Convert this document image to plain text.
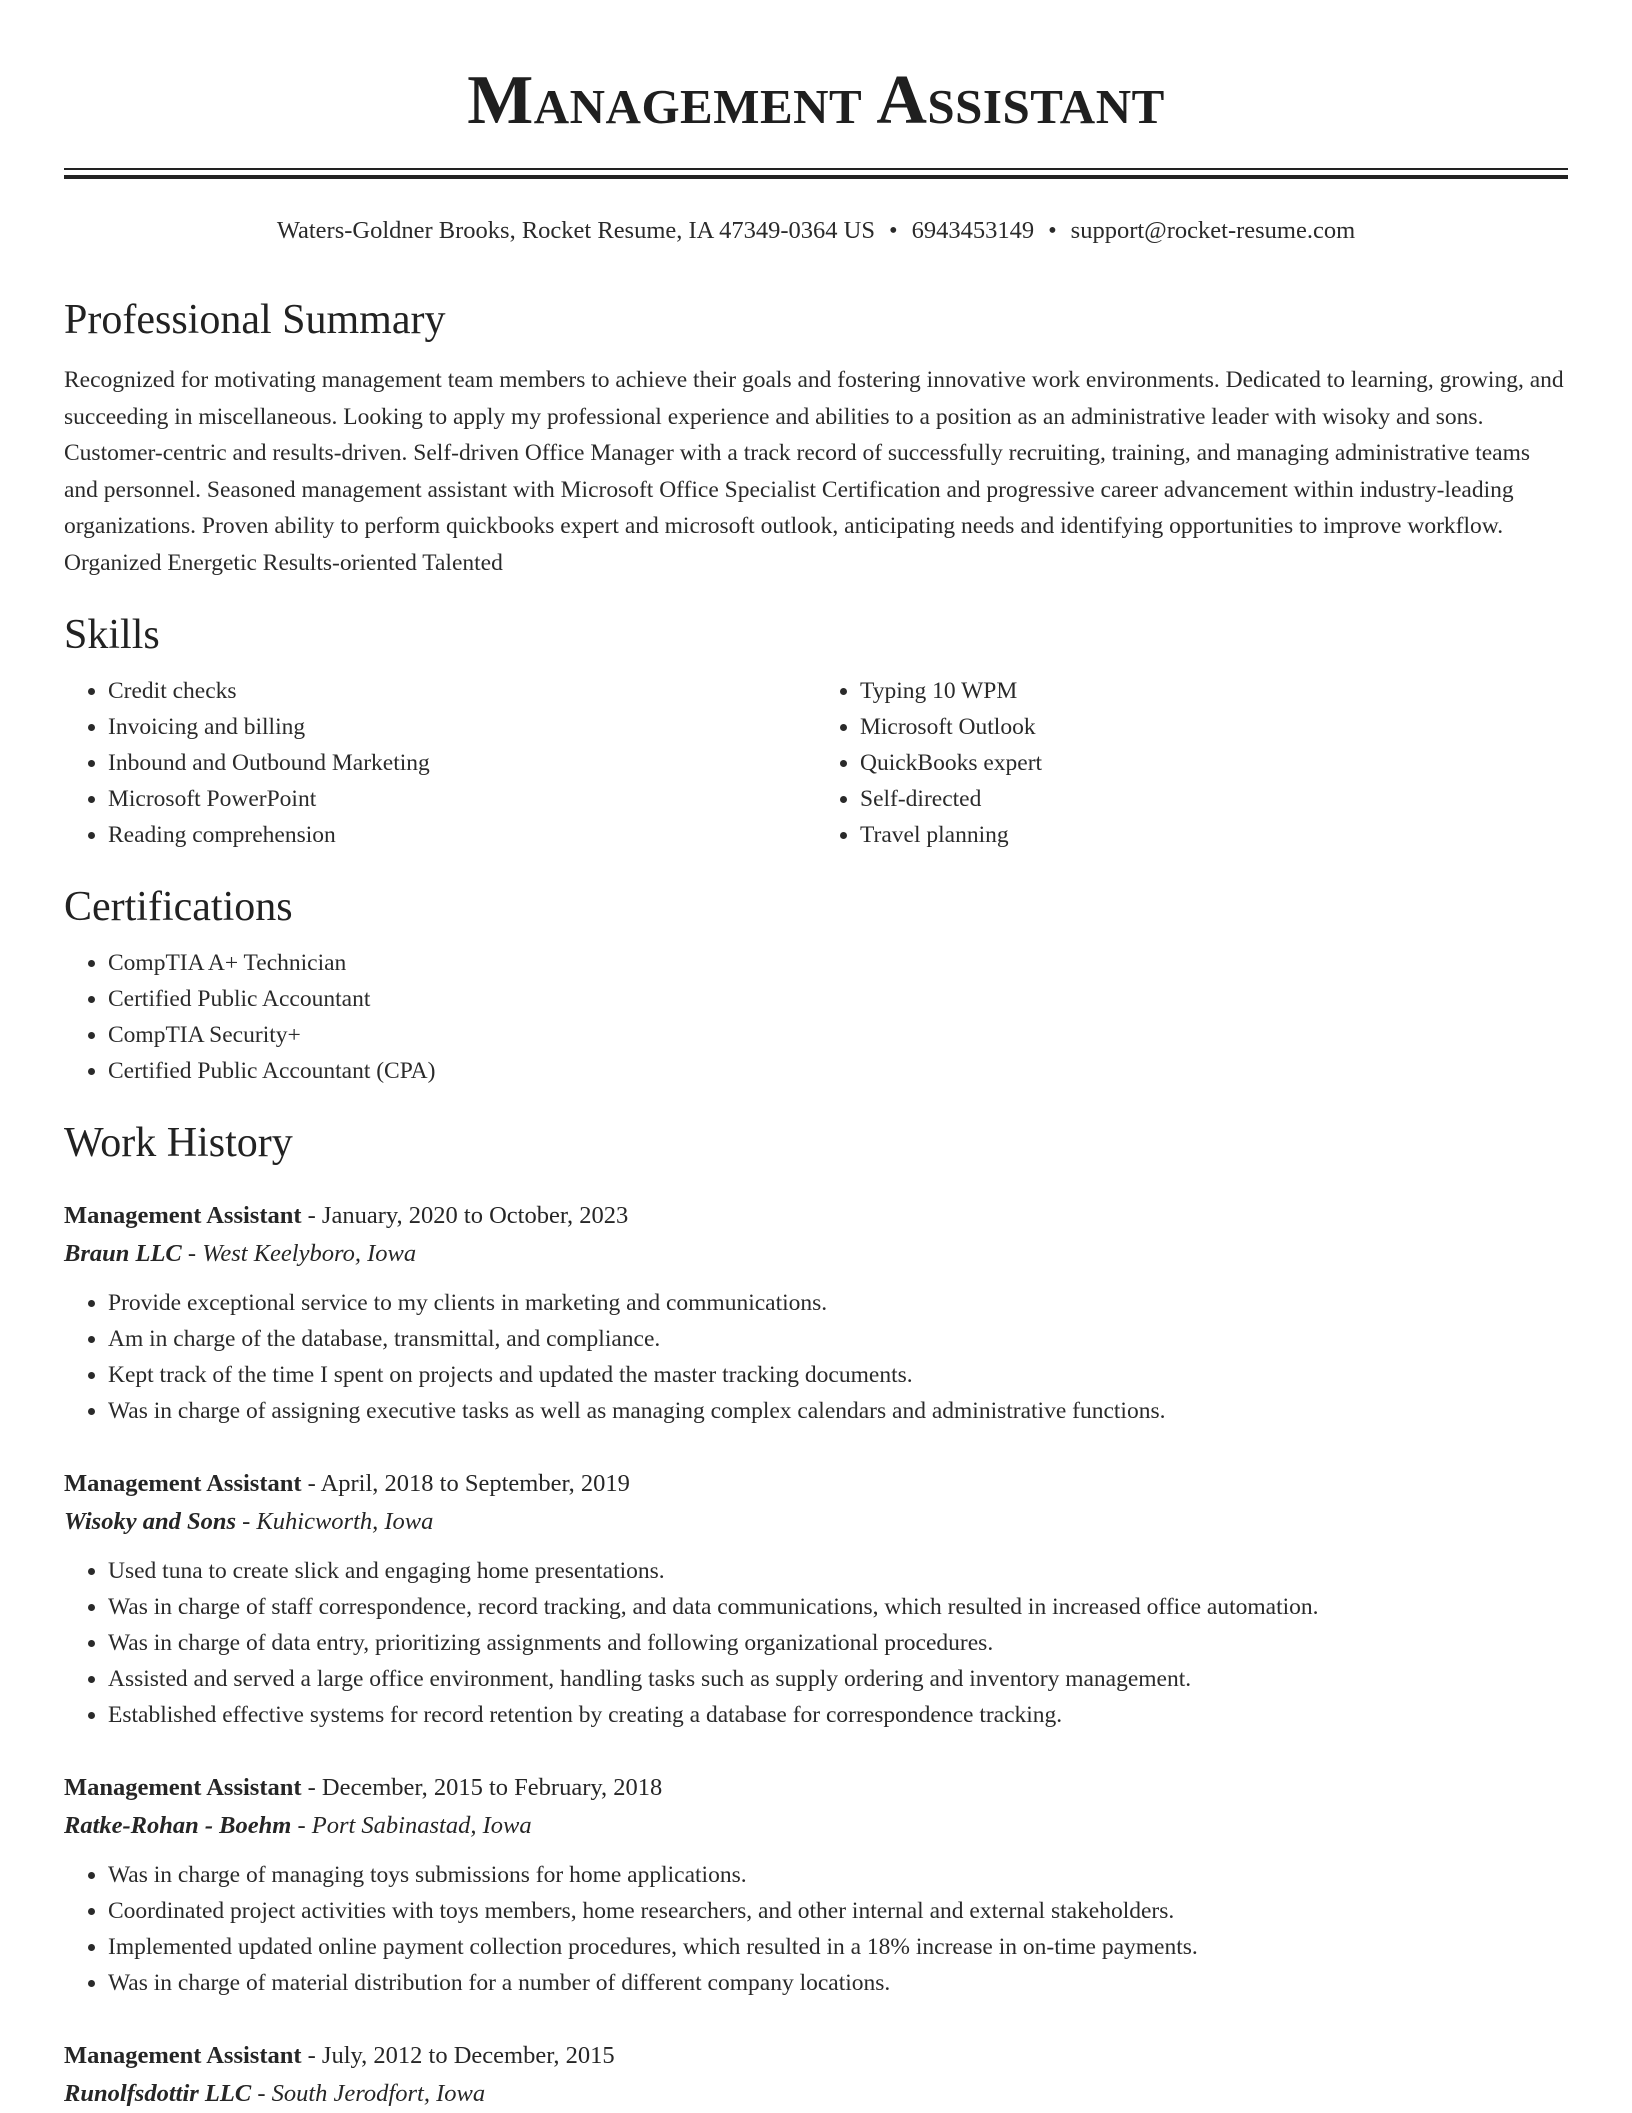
Management Assistant
Waters-Goldner Brooks, Rocket Resume, IA 47349-0364 US • 6943453149 • support@rocket-resume.com
Professional Summary

Recognized for motivating management team members to achieve their goals and fostering innovative work environments. Dedicated to learning, growing, and succeeding in miscellaneous. Looking to apply my professional experience and abilities to a position as an administrative leader with wisoky and sons. Customer-centric and results-driven. Self-driven Office Manager with a track record of successfully recruiting, training, and managing administrative teams and personnel. Seasoned management assistant with Microsoft Office Specialist Certification and progressive career advancement within industry-leading organizations. Proven ability to perform quickbooks expert and microsoft outlook, anticipating needs and identifying opportunities to improve workflow. Organized Energetic Results-oriented Talented

Skills
• Credit checks
• Invoicing and billing
• Inbound and Outbound Marketing
• Microsoft PowerPoint
• Reading comprehension
• Typing 10 WPM
• Microsoft Outlook
• QuickBooks expert
• Self-directed
• Travel planning
Certifications
• CompTIA A+ Technician
• Certified Public Accountant
• CompTIA Security+
• Certified Public Accountant (CPA)
Work History
Management Assistant - January, 2020 to October, 2023
Braun LLC - West Keelyboro, Iowa
• Provide exceptional service to my clients in marketing and communications.
• Am in charge of the database, transmittal, and compliance.
• Kept track of the time I spent on projects and updated the master tracking documents.
• Was in charge of assigning executive tasks as well as managing complex calendars and administrative functions.
Management Assistant - April, 2018 to September, 2019
Wisoky and Sons - Kuhicworth, Iowa
• Used tuna to create slick and engaging home presentations.
• Was in charge of staff correspondence, record tracking, and data communications, which resulted in increased office automation.
• Was in charge of data entry, prioritizing assignments and following organizational procedures.
• Assisted and served a large office environment, handling tasks such as supply ordering and inventory management.
• Established effective systems for record retention by creating a database for correspondence tracking.
Management Assistant - December, 2015 to February, 2018
Ratke-Rohan - Boehm - Port Sabinastad, Iowa
• Was in charge of managing toys submissions for home applications.
• Coordinated project activities with toys members, home researchers, and other internal and external stakeholders.
• Implemented updated online payment collection procedures, which resulted in a 18% increase in on-time payments.
• Was in charge of material distribution for a number of different company locations.
Management Assistant - July, 2012 to December, 2015
Runolfsdottir LLC - South Jerodfort, Iowa
